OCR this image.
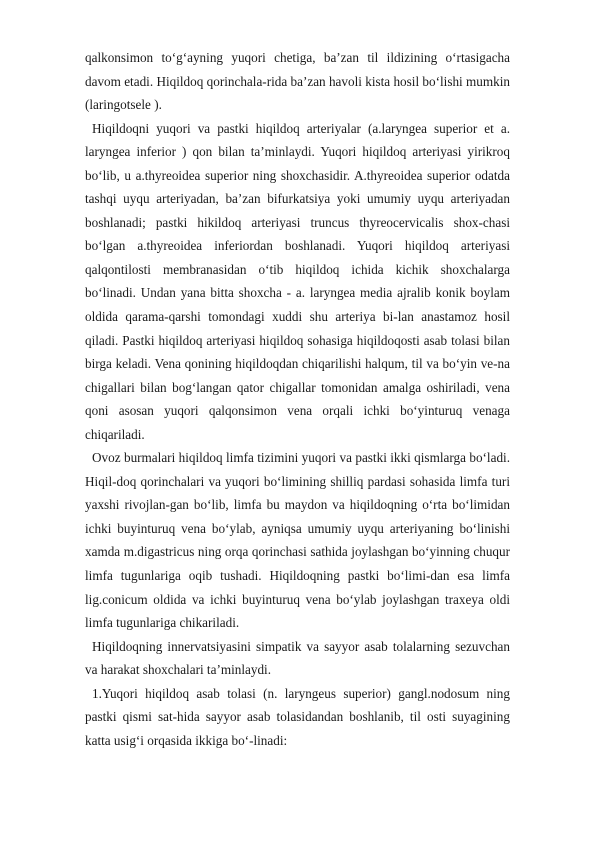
qalkonsimon to‘g‘ayning yuqori chetiga, ba’zan til ildizining o‘rtasigacha davom etadi. Hiqildoq qorinchala-rida ba’zan havoli kista hosil bo‘lishi mumkin (laringotsele ).

Hiqildoqni yuqori va pastki hiqildoq arteriyalar (a.laryngea superior et a. laryngea inferior ) qon bilan ta’minlaydi. Yuqori hiqildoq arteriyasi yirikroq bo‘lib, u a.thyreoidea superior ning shoxchasidir. A.thyreoidea superior odatda tashqi uyqu arteriyadan, ba’zan bifurkatsiya yoki umumiy uyqu arteriyadan boshlanadi; pastki hikildoq arteriyasi truncus thyreocervicalis shox-chasi bo‘lgan a.thyreoidea inferiordan boshlanadi. Yuqori hiqildoq arteriyasi qalqontilosti membranasidan o‘tib hiqildoq ichida kichik shoxchalarga bo‘linadi. Undan yana bitta shoxcha - a. laryngea media ajralib konik boylam oldida qarama-qarshi tomondagi xuddi shu arteriya bi-lan anastamoz hosil qiladi. Pastki hiqildoq arteriyasi hiqildoq sohasiga hiqildoqosti asab tolasi bilan birga keladi. Vena qonining hiqildoqdan chiqarilishi halqum, til va bo‘yin ve-na chigallari bilan bog‘langan qator chigallar tomonidan amalga oshiriladi, vena qoni asosan yuqori qalqonsimon vena orqali ichki bo‘yinturuq venaga chiqariladi.

Ovoz burmalari hiqildoq limfa tizimini yuqori va pastki ikki qismlarga bo‘ladi. Hiqil-doq qorinchalari va yuqori bo‘limining shilliq pardasi sohasida limfa turi yaxshi rivojlan-gan bo‘lib, limfa bu maydon va hiqildoqning o‘rta bo‘limidan ichki buyinturuq vena bo‘ylab, ayniqsa umumiy uyqu arteriyaning bo‘linishi xamda m.digastricus ning orqa qorinchasi sathida joylashgan bo‘yinning chuqur limfa tugunlariga oqib tushadi. Hiqildoqning pastki bo‘limi-dan esa limfa lig.conicum oldida va ichki buyinturuq vena bo‘ylab joylashgan traxeya oldi limfa tugunlariga chikariladi.

Hiqildoqning innervatsiyasini simpatik va sayyor asab tolalarning sezuvchan va harakat shoxchalari ta’minlaydi.

1.Yuqori hiqildoq asab tolasi (n. laryngeus superior) gangl.nodosum ning pastki qismi sat-hida sayyor asab tolasidandan boshlanib, til osti suyagining katta usig‘i orqasida ikkiga bo‘-linadi:
